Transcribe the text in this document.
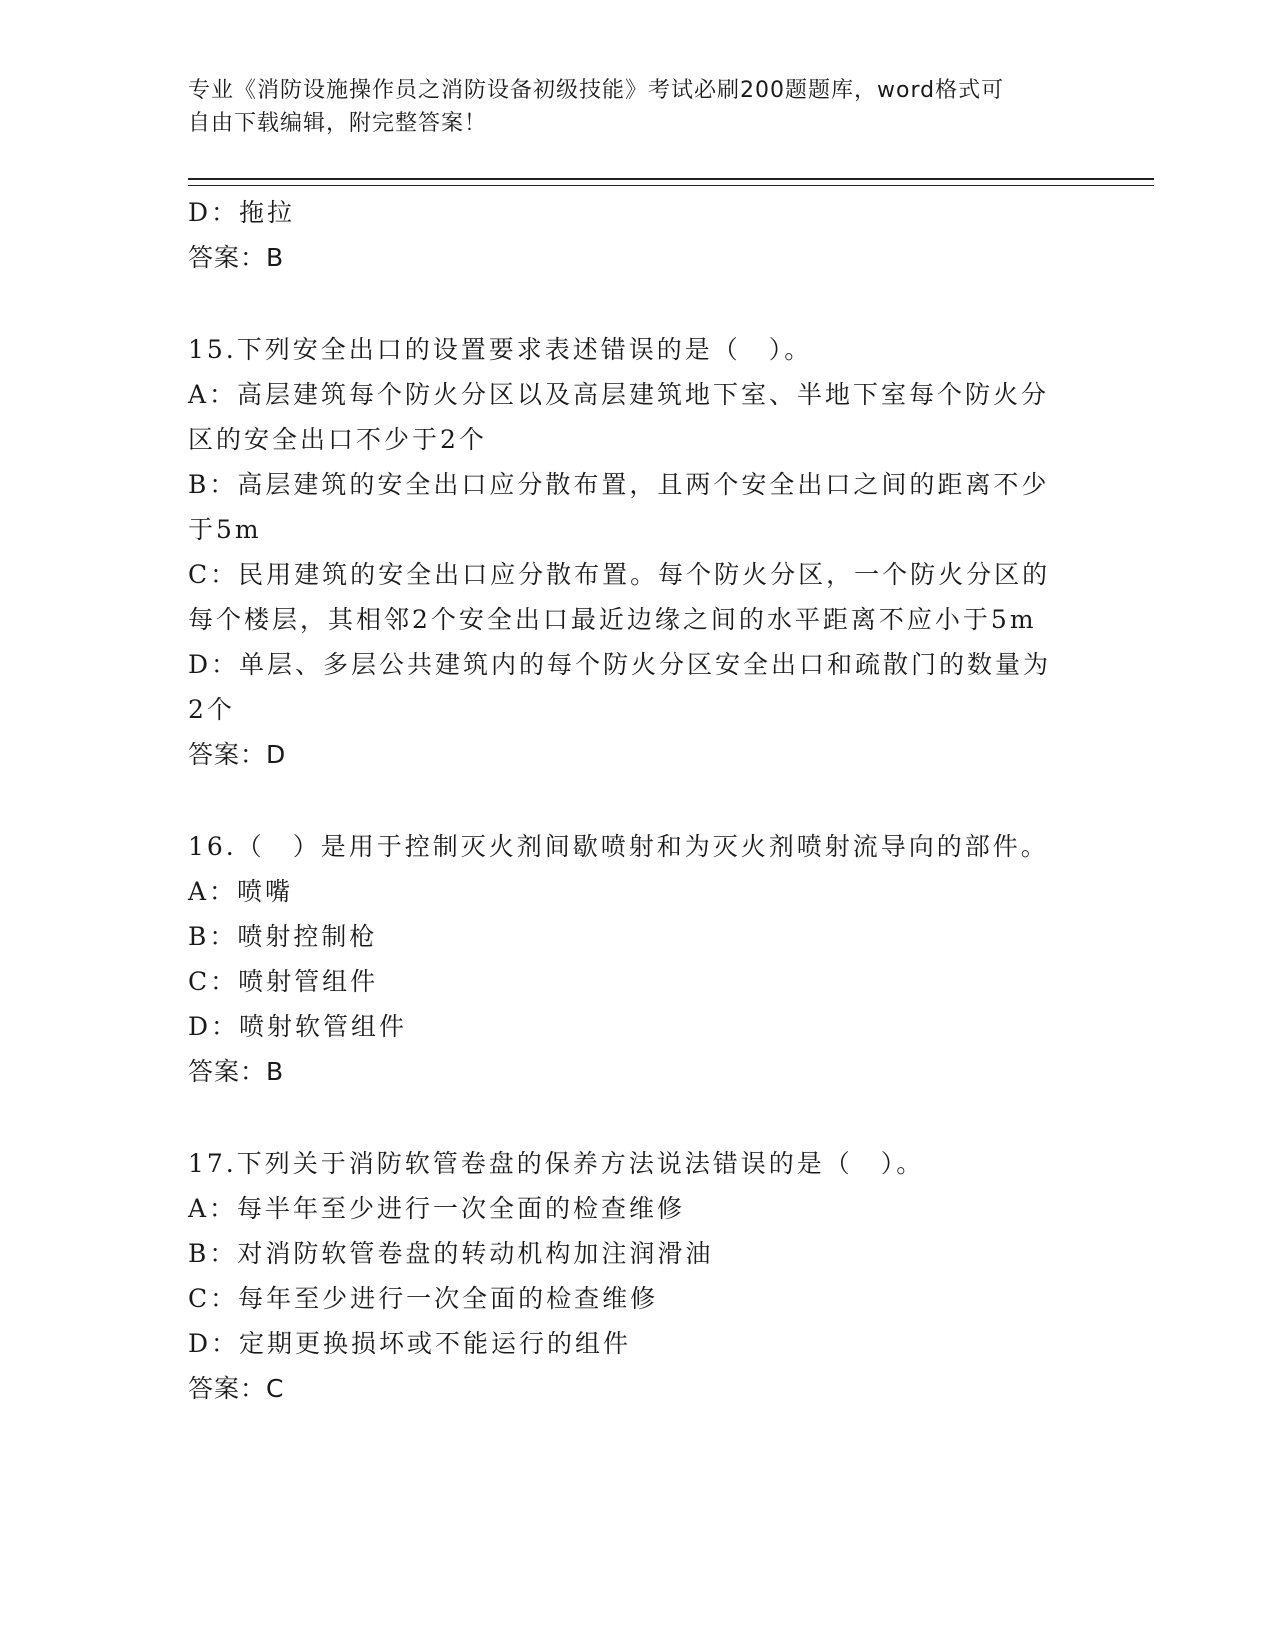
专业《消防设施操作员之消防设备初级技能》考试必刷200题题库，word格式可
自由下载编辑，附完整答案！
D：拖拉
答案：B
15.下列安全出口的设置要求表述错误的是（　）。
A：高层建筑每个防火分区以及高层建筑地下室、半地下室每个防火分
区的安全出口不少于2个
B：高层建筑的安全出口应分散布置，且两个安全出口之间的距离不少
于5m
C：民用建筑的安全出口应分散布置。每个防火分区，一个防火分区的
每个楼层，其相邻2个安全出口最近边缘之间的水平距离不应小于5m
D：单层、多层公共建筑内的每个防火分区安全出口和疏散门的数量为
2个
答案：D
16.（　）是用于控制灭火剂间歇喷射和为灭火剂喷射流导向的部件。
A：喷嘴
B：喷射控制枪
C：喷射管组件
D：喷射软管组件
答案：B
17.下列关于消防软管卷盘的保养方法说法错误的是（　）。
A：每半年至少进行一次全面的检查维修
B：对消防软管卷盘的转动机构加注润滑油
C：每年至少进行一次全面的检查维修
D：定期更换损坏或不能运行的组件
答案：C
